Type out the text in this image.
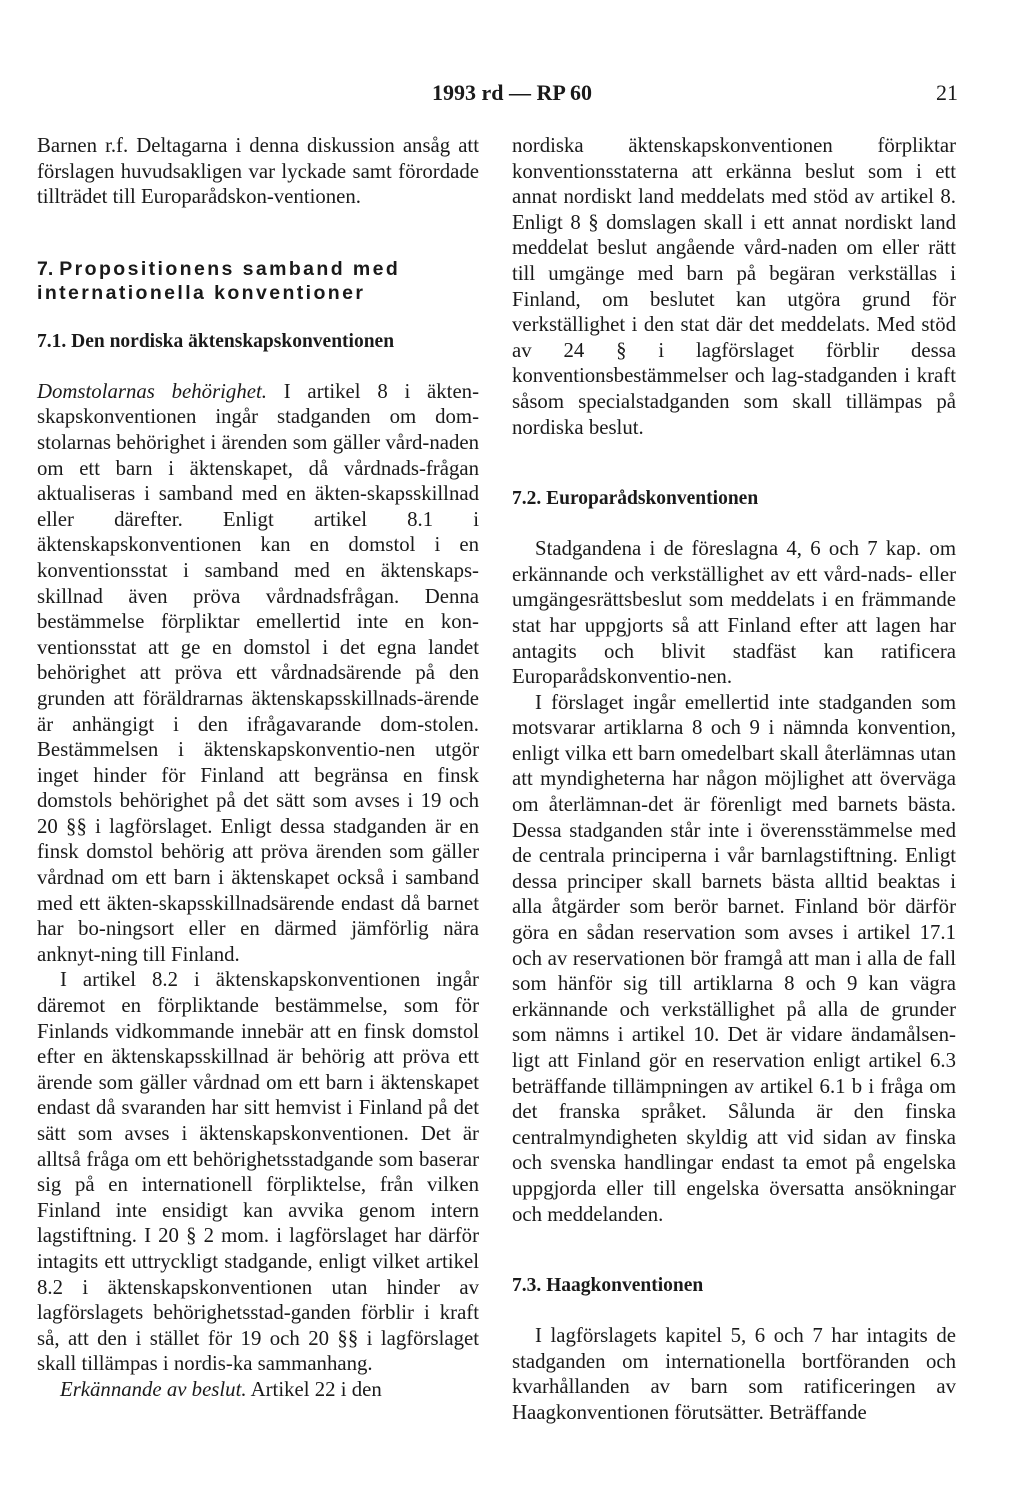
1993 rd — RP 60	21

Barnen r.f. Deltagarna i denna diskussion ansåg att förslagen huvudsakligen var lyckade samt förordade tillträdet till Europarådskon-ventionen.

7. Propositionens samband med internationella konventioner
7.1. Den nordiska äktenskapskonventionen

Domstolarnas behörighet. I artikel 8 i äkten-skapskonventionen ingår stadganden om dom-stolarnas behörighet i ärenden som gäller vård-naden om ett barn i äktenskapet, då vårdnads-frågan aktualiseras i samband med en äkten-skapsskillnad eller därefter. Enligt artikel 8.1 i äktenskapskonventionen kan en domstol i en konventionsstat i samband med en äktenskaps-skillnad även pröva vårdnadsfrågan. Denna bestämmelse förpliktar emellertid inte en kon-ventionsstat att ge en domstol i det egna landet behörighet att pröva ett vårdnadsärende på den grunden att föräldrarnas äktenskapsskillnads-ärende är anhängigt i den ifrågavarande dom-stolen. Bestämmelsen i äktenskapskonventio-nen utgör inget hinder för Finland att begränsa en finsk domstols behörighet på det sätt som avses i 19 och 20 §§ i lagförslaget. Enligt dessa stadganden är en finsk domstol behörig att pröva ärenden som gäller vårdnad om ett barn i äktenskapet också i samband med ett äkten-skapsskillnadsärende endast då barnet har bo-ningsort eller en därmed jämförlig nära anknyt-ning till Finland.

I artikel 8.2 i äktenskapskonventionen ingår däremot en förpliktande bestämmelse, som för Finlands vidkommande innebär att en finsk domstol efter en äktenskapsskillnad är behörig att pröva ett ärende som gäller vårdnad om ett barn i äktenskapet endast då svaranden har sitt hemvist i Finland på det sätt som avses i äktenskapskonventionen. Det är alltså fråga om ett behörighetsstadgande som baserar sig på en internationell förpliktelse, från vilken Finland inte ensidigt kan avvika genom intern lagstiftning. I 20 § 2 mom. i lagförslaget har därför intagits ett uttryckligt stadgande, enligt vilket artikel 8.2 i äktenskapskonventionen utan hinder av lagförslagets behörighetsstad-ganden förblir i kraft så, att den i stället för 19 och 20 §§ i lagförslaget skall tillämpas i nordis-ka sammanhang.

Erkännande av beslut. Artikel 22 i den

nordiska äktenskapskonventionen förpliktar konventionsstaterna att erkänna beslut som i ett annat nordiskt land meddelats med stöd av artikel 8. Enligt 8 § domslagen skall i ett annat nordiskt land meddelat beslut angående vård-naden om eller rätt till umgänge med barn på begäran verkställas i Finland, om beslutet kan utgöra grund för verkställighet i den stat där det meddelats. Med stöd av 24 § i lagförslaget förblir dessa konventionsbestämmelser och lag-stadganden i kraft såsom specialstadganden som skall tillämpas på nordiska beslut.

7.2. Europarådskonventionen

Stadgandena i de föreslagna 4, 6 och 7 kap. om erkännande och verkställighet av ett vård-nads- eller umgängesrättsbeslut som meddelats i en främmande stat har uppgjorts så att Finland efter att lagen har antagits och blivit stadfäst kan ratificera Europarådskonventio-nen.

I förslaget ingår emellertid inte stadganden som motsvarar artiklarna 8 och 9 i nämnda konvention, enligt vilka ett barn omedelbart skall återlämnas utan att myndigheterna har någon möjlighet att överväga om återlämnan-det är förenligt med barnets bästa. Dessa stadganden står inte i överensstämmelse med de centrala principerna i vår barnlagstiftning. Enligt dessa principer skall barnets bästa alltid beaktas i alla åtgärder som berör barnet. Finland bör därför göra en sådan reservation som avses i artikel 17.1 och av reservationen bör framgå att man i alla de fall som hänför sig till artiklarna 8 och 9 kan vägra erkännande och verkställighet på alla de grunder som nämns i artikel 10. Det är vidare ändamålsen-ligt att Finland gör en reservation enligt artikel 6.3 beträffande tillämpningen av artikel 6.1 b i fråga om det franska språket. Sålunda är den finska centralmyndigheten skyldig att vid sidan av finska och svenska handlingar endast ta emot på engelska uppgjorda eller till engelska översatta ansökningar och meddelanden.

7.3. Haagkonventionen

I lagförslagets kapitel 5, 6 och 7 har intagits de stadganden om internationella bortföranden och kvarhållanden av barn som ratificeringen av Haagkonventionen förutsätter. Beträffande
